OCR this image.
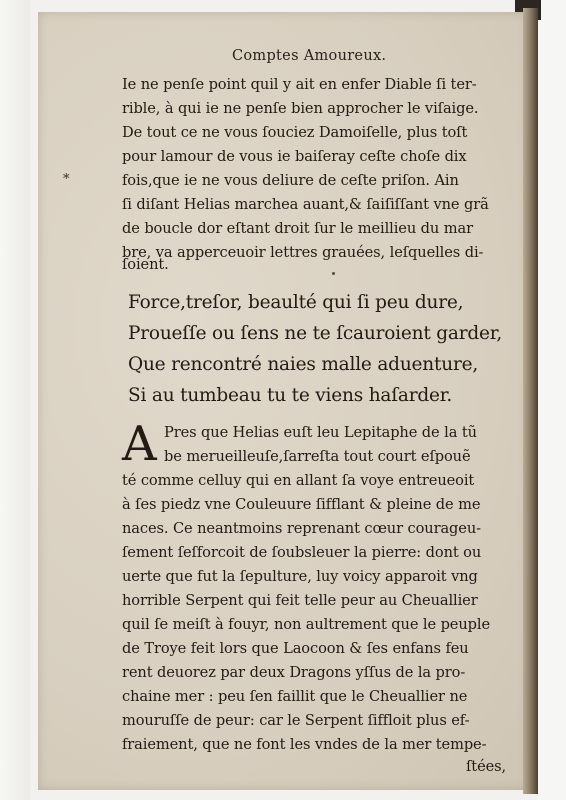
Comptes Amoureux.
Ie ne penſe point quil y ait en enfer Diable ſi ter-
rible, à qui ie ne penſe bien approcher le viſaige.
De tout ce ne vous ſouciez Damoiſelle, plus toſt
pour lamour de vous ie baiſeray ceſte choſe dix
fois,que ie ne vous deliure de ceſte priſon. Ain
ſi diſant Helias marchea auant,& ſaiſiſſant vne grã
de boucle dor eſtant droit ſur le meillieu du mar
bre, va apperceuoir lettres grauées, leſquelles di-
ſoient.
*
Force,treſor, beaulté qui ſi peu dure,
Proueſſe ou ſens ne te ſcauroient garder,
Que rencontré naies malle aduenture,
Si au tumbeau tu te viens haſarder.
A Pres que Helias euſt leu Lepitaphe de la tũ
be merueilleuſe,ſarreſta tout court eſpouẽ
té comme celluy qui en allant ſa voye entreueoit
à ſes piedz vne Couleuure ſifflant & pleine de me
naces. Ce neantmoins reprenant cœur courageu-
ſement ſeſforcoit de ſoubsleuer la pierre: dont ou
uerte que fut la ſepulture, luy voicy apparoit vng
horrible Serpent qui feit telle peur au Cheuallier
quil ſe meiſt à fouyr, non aultrement que le peuple
de Troye feit lors que Laocoon & ſes enfans feu
rent deuorez par deux Dragons yſſus de la pro-
chaine mer : peu ſen faillit que le Cheuallier ne
mouruſſe de peur: car le Serpent ſiffloit plus ef-
fraiement, que ne font les vndes de la mer tempe-
ſtées,
